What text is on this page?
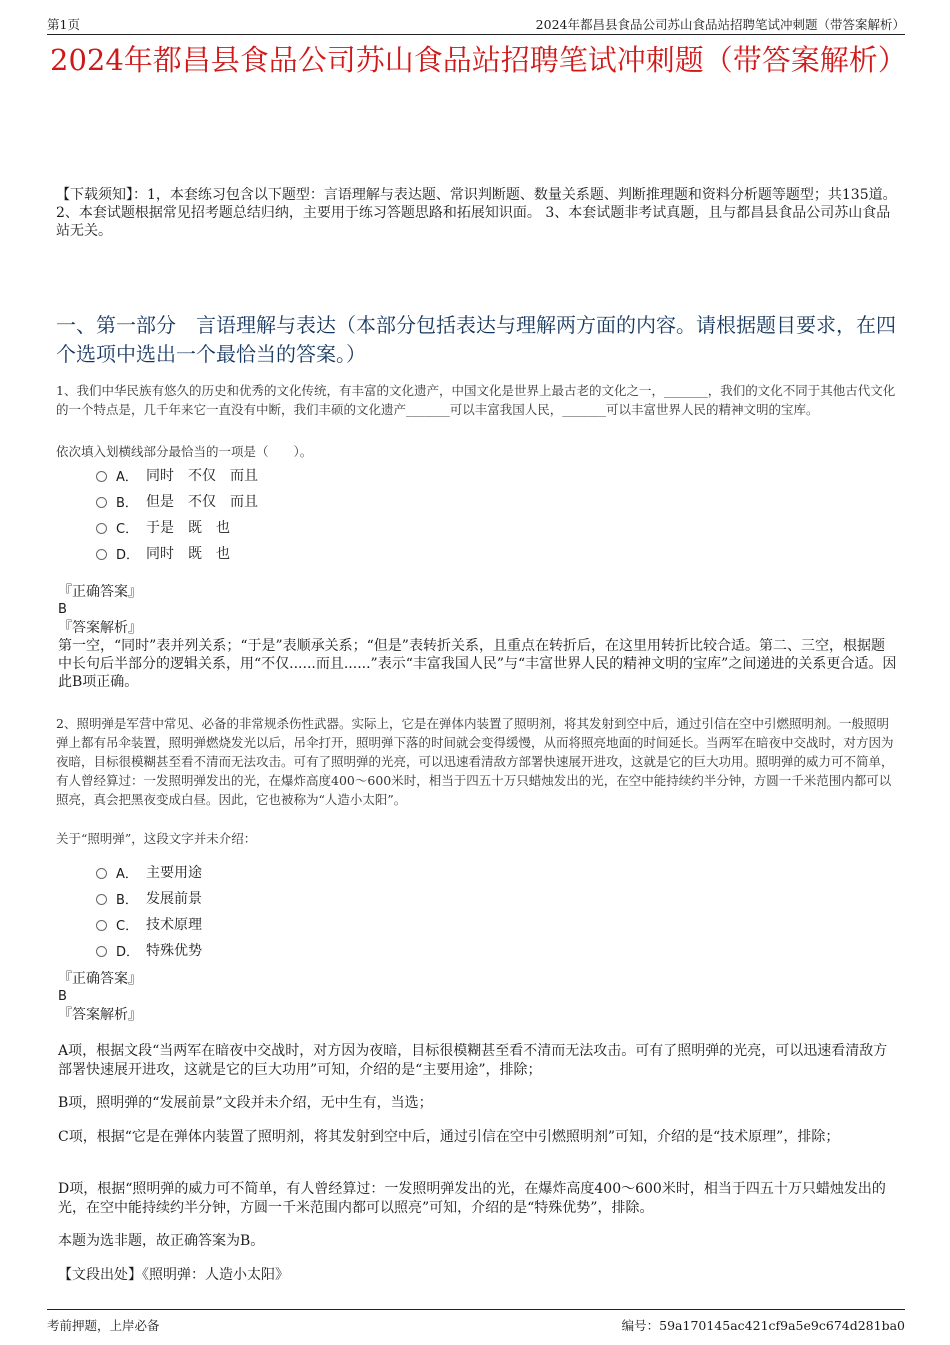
第1页	2024年都昌县食品公司苏山食品站招聘笔试冲刺题（带答案解析）
2024年都昌县食品公司苏山食品站招聘笔试冲刺题（带答案解析）
【下载须知】：1，本套练习包含以下题型：言语理解与表达题、常识判断题、数量关系题、判断推理题和资料分析题等题型；共135道。 2、本套试题根据常见招考题总结归纳，主要用于练习答题思路和拓展知识面。 3、本套试题非考试真题，且与都昌县食品公司苏山食品站无关。
一、第一部分　言语理解与表达（本部分包括表达与理解两方面的内容。请根据题目要求，在四个选项中选出一个最恰当的答案。）
1、我们中华民族有悠久的历史和优秀的文化传统，有丰富的文化遗产，中国文化是世界上最古老的文化之一，_______，我们的文化不同于其他古代文化的一个特点是，几千年来它一直没有中断，我们丰硕的文化遗产_______可以丰富我国人民，_______可以丰富世界人民的精神文明的宝库。
依次填入划横线部分最恰当的一项是（　　）。
A． 同时　不仅　而且
B． 但是　不仅　而且
C． 于是　既　也
D． 同时　既　也
『正确答案』
B
『答案解析』
第一空，“同时”表并列关系；“于是”表顺承关系；“但是”表转折关系，且重点在转折后，在这里用转折比较合适。第二、三空，根据题中长句后半部分的逻辑关系，用“不仅......而且......”表示“丰富我国人民”与“丰富世界人民的精神文明的宝库”之间递进的关系更合适。因此B项正确。
2、照明弹是军营中常见、必备的非常规杀伤性武器。实际上，它是在弹体内装置了照明剂，将其发射到空中后，通过引信在空中引燃照明剂。一般照明弹上都有吊伞装置，照明弹燃烧发光以后，吊伞打开，照明弹下落的时间就会变得缓慢，从而将照亮地面的时间延长。当两军在暗夜中交战时，对方因为夜暗，目标很模糊甚至看不清而无法攻击。可有了照明弹的光亮，可以迅速看清敌方部署快速展开进攻，这就是它的巨大功用。照明弹的威力可不简单，有人曾经算过：一发照明弹发出的光，在爆炸高度400～600米时，相当于四五十万只蜡烛发出的光，在空中能持续约半分钟，方圆一千米范围内都可以照亮，真会把黑夜变成白昼。因此，它也被称为“人造小太阳”。
关于“照明弹”，这段文字并未介绍：
A． 主要用途
B． 发展前景
C． 技术原理
D． 特殊优势
『正确答案』
B
『答案解析』
A项，根据文段“当两军在暗夜中交战时，对方因为夜暗，目标很模糊甚至看不清而无法攻击。可有了照明弹的光亮，可以迅速看清敌方部署快速展开进攻，这就是它的巨大功用”可知，介绍的是“主要用途”，排除；
B项，照明弹的“发展前景”文段并未介绍，无中生有，当选；
C项，根据“它是在弹体内装置了照明剂，将其发射到空中后，通过引信在空中引燃照明剂”可知，介绍的是“技术原理”，排除；
D项，根据“照明弹的威力可不简单，有人曾经算过：一发照明弹发出的光，在爆炸高度400～600米时，相当于四五十万只蜡烛发出的光，在空中能持续约半分钟，方圆一千米范围内都可以照亮”可知，介绍的是“特殊优势”，排除。
本题为选非题，故正确答案为B。
【文段出处】《照明弹：人造小太阳》
考前押题，上岸必备	编号：59a170145ac421cf9a5e9c674d281ba0
